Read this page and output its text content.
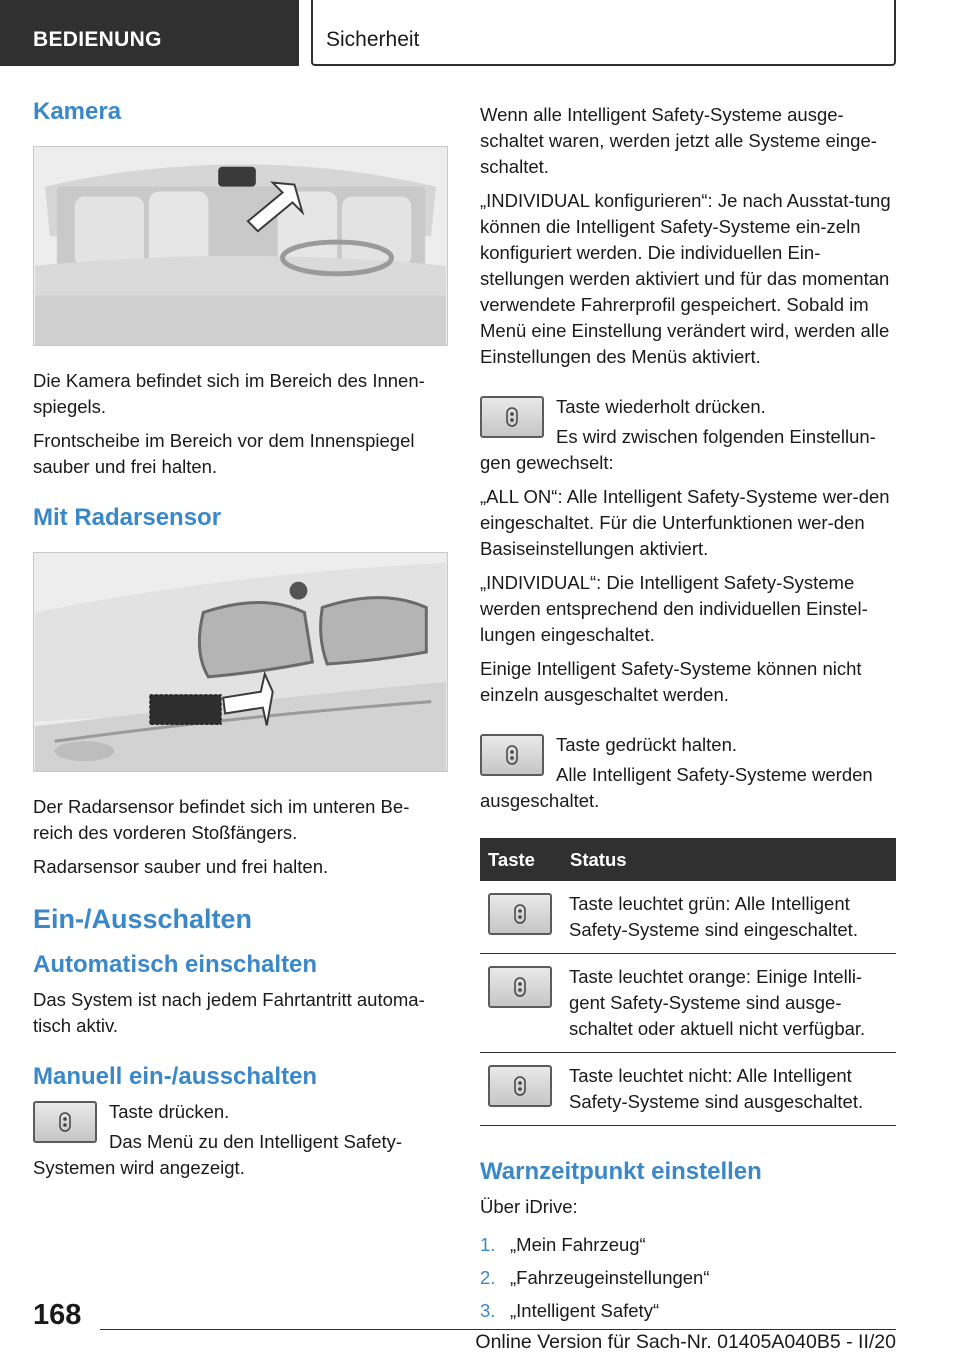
BEDIENUNG	Sicherheit
Kamera
Die Kamera befindet sich im Bereich des Innen-spiegels.
Frontscheibe im Bereich vor dem Innenspiegel sauber und frei halten.
Mit Radarsensor
Der Radarsensor befindet sich im unteren Be-reich des vorderen Stoßfängers.
Radarsensor sauber und frei halten.
Ein-/Ausschalten
Automatisch einschalten
Das System ist nach jedem Fahrtantritt automa-tisch aktiv.
Manuell ein-/ausschalten
Taste drücken.
Das Menü zu den Intelligent Safety-Systemen wird angezeigt.
Wenn alle Intelligent Safety-Systeme ausge-schaltet waren, werden jetzt alle Systeme einge-schaltet.
„INDIVIDUAL konfigurieren“: Je nach Ausstat-tung können die Intelligent Safety-Systeme ein-zeln konfiguriert werden. Die individuellen Ein-stellungen werden aktiviert und für das momentan verwendete Fahrerprofil gespeichert. Sobald im Menü eine Einstellung verändert wird, werden alle Einstellungen des Menüs aktiviert.
Taste wiederholt drücken.
Es wird zwischen folgenden Einstellun-gen gewechselt:
„ALL ON“: Alle Intelligent Safety-Systeme wer-den eingeschaltet. Für die Unterfunktionen wer-den Basiseinstellungen aktiviert.
„INDIVIDUAL“: Die Intelligent Safety-Systeme werden entsprechend den individuellen Einstel-lungen eingeschaltet.
Einige Intelligent Safety-Systeme können nicht einzeln ausgeschaltet werden.
Taste gedrückt halten.
Alle Intelligent Safety-Systeme werden ausgeschaltet.
Taste	Status

	Taste leuchtet grün: Alle Intelligent Safety-Systeme sind eingeschaltet.

	Taste leuchtet orange: Einige Intelli-gent Safety-Systeme sind ausge-schaltet oder aktuell nicht verfügbar.

	Taste leuchtet nicht: Alle Intelligent Safety-Systeme sind ausgeschaltet.
Warnzeitpunkt einstellen
Über iDrive:
1. „Mein Fahrzeug“
2. „Fahrzeugeinstellungen“
3. „Intelligent Safety“
168
Online Version für Sach-Nr. 01405A040B5 - II/20
